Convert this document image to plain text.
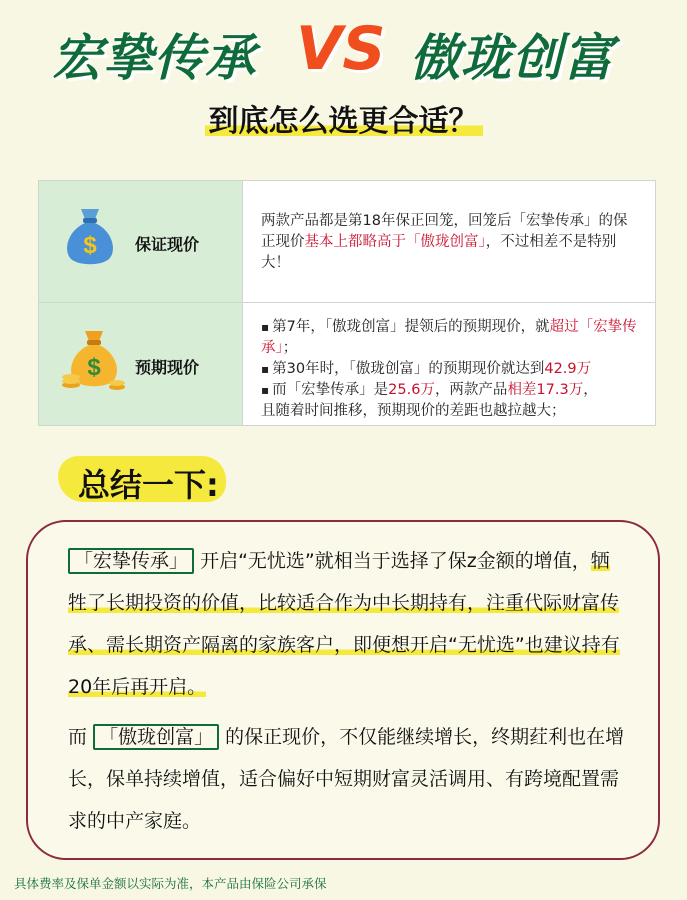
宏挚传承 VS 傲珑创富
到底怎么选更合适？
$ 保证现价
两款产品都是第18年保正回笼，回笼后「宏挚传承」的保正现价基本上都略高于「傲珑创富」，不过相差不是特别大！
$ 预期现价
▪ 第7年，「傲珑创富」提领后的预期现价，就超过「宏挚传承」；
▪ 第30年时，「傲珑创富」的预期现价就达到42.9万
▪ 而「宏挚传承」是25.6万，两款产品相差17.3万，
且随着时间推移，预期现价的差距也越拉越大；
总结一下:
「宏挚传承」 开启“无忧选”就相当于选择了保z金额的增值，牺牲了长期投资的价值，比较适合作为中长期持有，注重代际财富传承、需长期资产隔离的家族客户，即便想开启“无忧选”也建议持有20年后再开启。
而 「傲珑创富」 的保正现价，不仅能继续增长，终期荭利也在增长，保单持续增值，适合偏好中短期财富灵活调用、有跨境配置需求的中产家庭。
具体费率及保单金额以实际为准，本产品由保险公司承保
